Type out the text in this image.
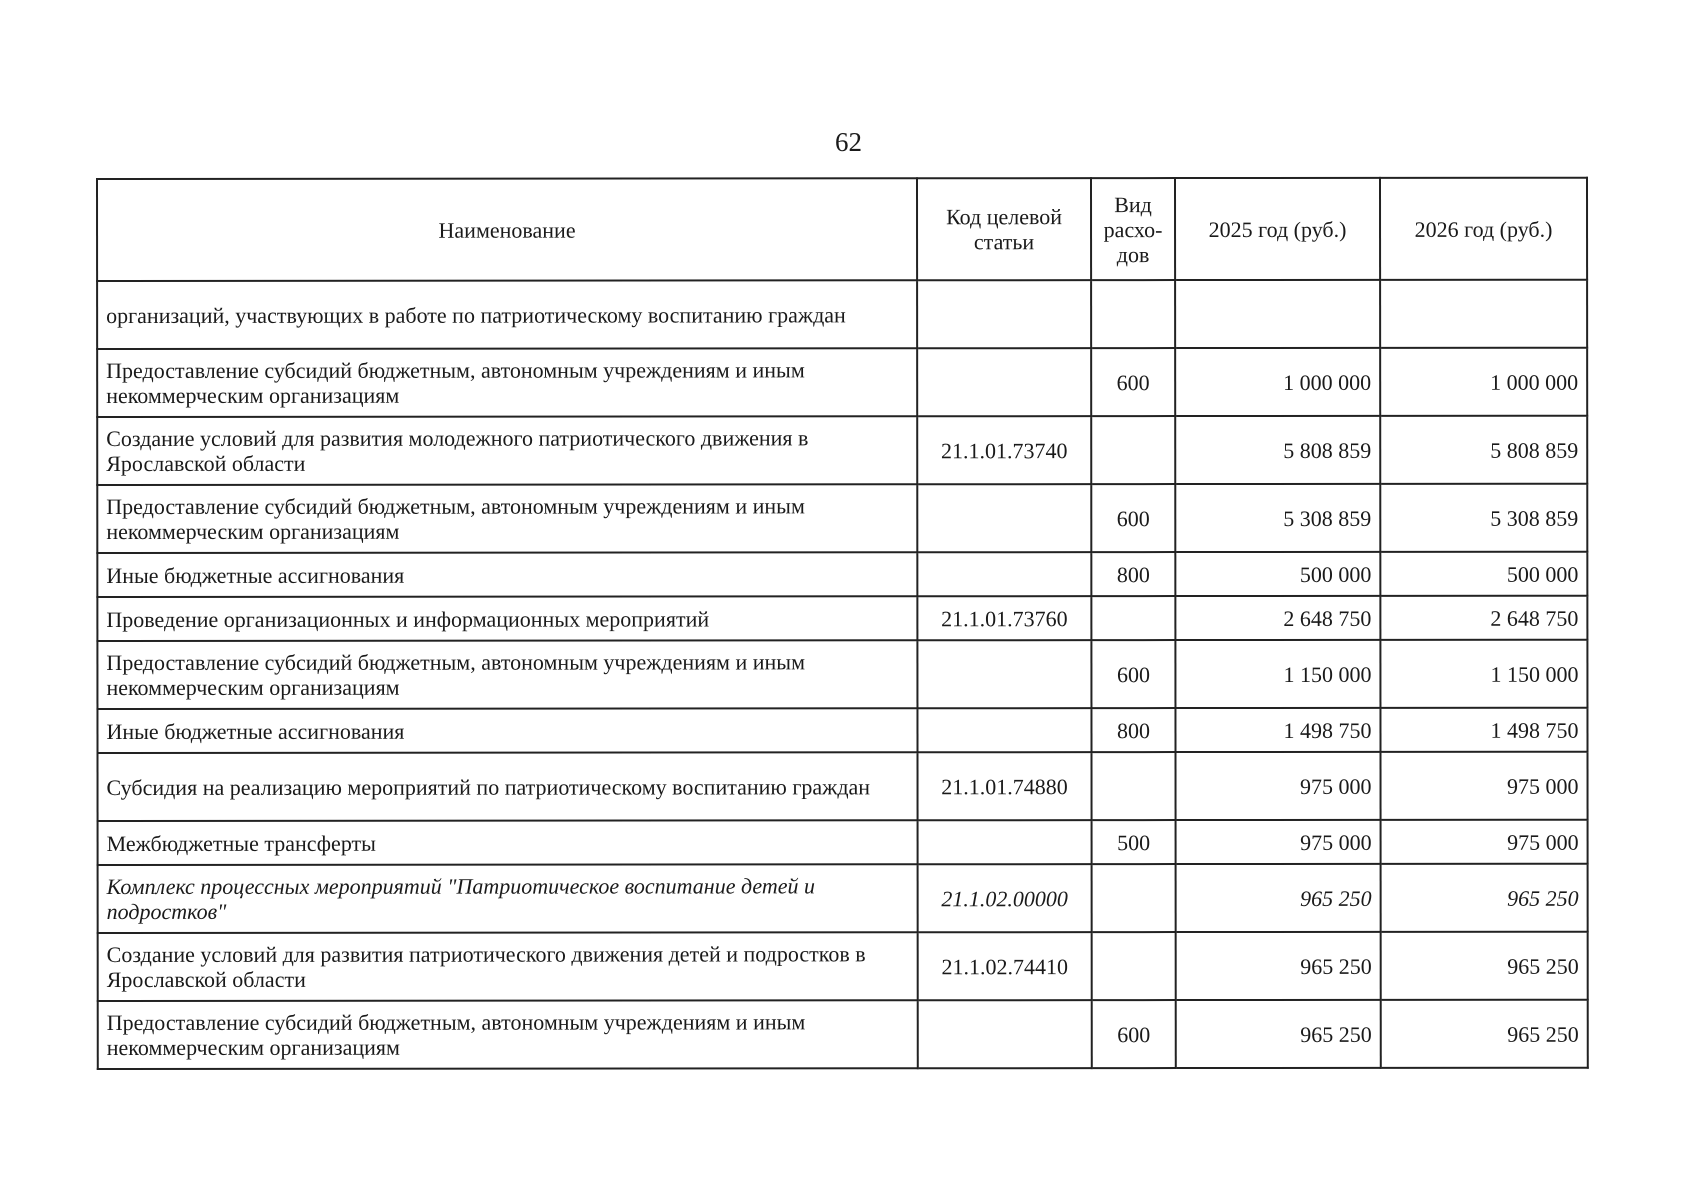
62
Наименование	Код целевой статьи	Вид расхо-дов	2025 год (руб.)	2026 год (руб.)
организаций, участвующих в работе по патриотическому воспитанию граждан				
Предоставление субсидий бюджетным, автономным учреждениям и иным некоммерческим организациям		600	1 000 000	1 000 000
Создание условий для развития молодежного патриотического движения в Ярославской области	21.1.01.73740		5 808 859	5 808 859
Предоставление субсидий бюджетным, автономным учреждениям и иным некоммерческим организациям		600	5 308 859	5 308 859
Иные бюджетные ассигнования		800	500 000	500 000
Проведение организационных и информационных мероприятий	21.1.01.73760		2 648 750	2 648 750
Предоставление субсидий бюджетным, автономным учреждениям и иным некоммерческим организациям		600	1 150 000	1 150 000
Иные бюджетные ассигнования		800	1 498 750	1 498 750
Субсидия на реализацию мероприятий по патриотическому воспитанию граждан	21.1.01.74880		975 000	975 000
Межбюджетные трансферты		500	975 000	975 000
Комплекс процессных мероприятий "Патриотическое воспитание детей и подростков"	21.1.02.00000		965 250	965 250
Создание условий для развития патриотического движения детей и подростков в Ярославской области	21.1.02.74410		965 250	965 250
Предоставление субсидий бюджетным, автономным учреждениям и иным некоммерческим организациям		600	965 250	965 250
